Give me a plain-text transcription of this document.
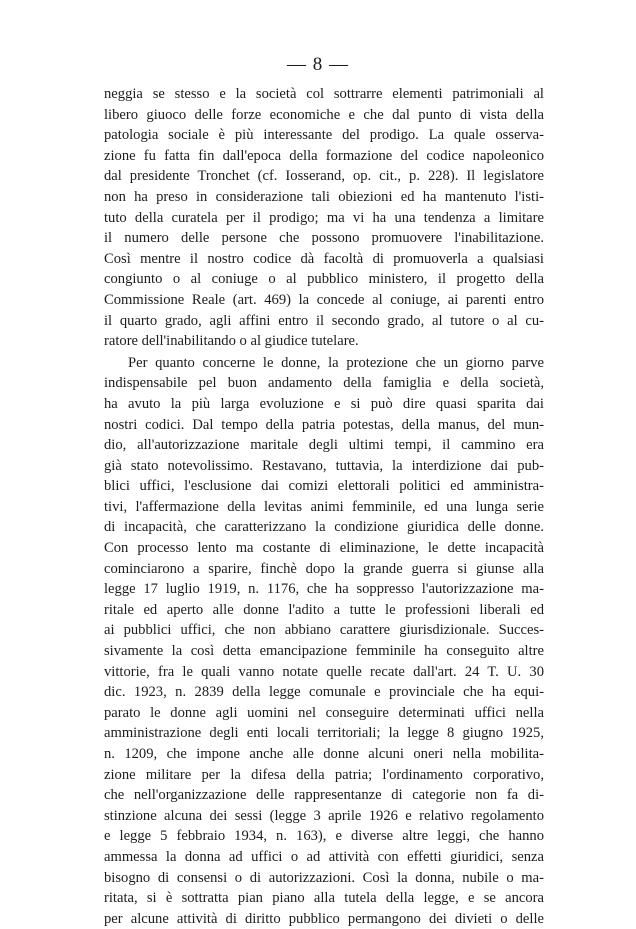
— 8 —
neggia se stesso e la società col sottrarre elementi patrimoniali al
libero giuoco delle forze economiche e che dal punto di vista della
patologia sociale è più interessante del prodigo. La quale osserva-
zione fu fatta fin dall'epoca della formazione del codice napoleonico
dal presidente Tronchet (cf. Iosserand, op. cit., p. 228). Il legislatore
non ha preso in considerazione tali obiezioni ed ha mantenuto l'isti-
tuto della curatela per il prodigo; ma vi ha una tendenza a limitare
il numero delle persone che possono promuovere l'inabilitazione.
Così mentre il nostro codice dà facoltà di promuoverla a qualsiasi
congiunto o al coniuge o al pubblico ministero, il progetto della
Commissione Reale (art. 469) la concede al coniuge, ai parenti entro
il quarto grado, agli affini entro il secondo grado, al tutore o al cu-
ratore dell'inabilitando o al giudice tutelare.
Per quanto concerne le donne, la protezione che un giorno parve
indispensabile pel buon andamento della famiglia e della società,
ha avuto la più larga evoluzione e si può dire quasi sparita dai
nostri codici. Dal tempo della patria potestas, della manus, del mun-
dio, all'autorizzazione maritale degli ultimi tempi, il cammino era
già stato notevolissimo. Restavano, tuttavia, la interdizione dai pub-
blici uffici, l'esclusione dai comizi elettorali politici ed amministra-
tivi, l'affermazione della levitas animi femminile, ed una lunga serie
di incapacità, che caratterizzano la condizione giuridica delle donne.
Con processo lento ma costante di eliminazione, le dette incapacità
cominciarono a sparire, finchè dopo la grande guerra si giunse alla
legge 17 luglio 1919, n. 1176, che ha soppresso l'autorizzazione ma-
ritale ed aperto alle donne l'adito a tutte le professioni liberali ed
ai pubblici uffici, che non abbiano carattere giurisdizionale. Succes-
sivamente la così detta emancipazione femminile ha conseguito altre
vittorie, fra le quali vanno notate quelle recate dall'art. 24 T. U. 30
dic. 1923, n. 2839 della legge comunale e provinciale che ha equi-
parato le donne agli uomini nel conseguire determinati uffici nella
amministrazione degli enti locali territoriali; la legge 8 giugno 1925,
n. 1209, che impone anche alle donne alcuni oneri nella mobilita-
zione militare per la difesa della patria; l'ordinamento corporativo,
che nell'organizzazione delle rappresentanze di categorie non fa di-
stinzione alcuna dei sessi (legge 3 aprile 1926 e relativo regolamento
e legge 5 febbraio 1934, n. 163), e diverse altre leggi, che hanno
ammessa la donna ad uffici o ad attività con effetti giuridici, senza
bisogno di consensi o di autorizzazioni. Così la donna, nubile o ma-
ritata, si è sottratta pian piano alla tutela della legge, e se ancora
per alcune attività di diritto pubblico permangono dei divieti o delle
